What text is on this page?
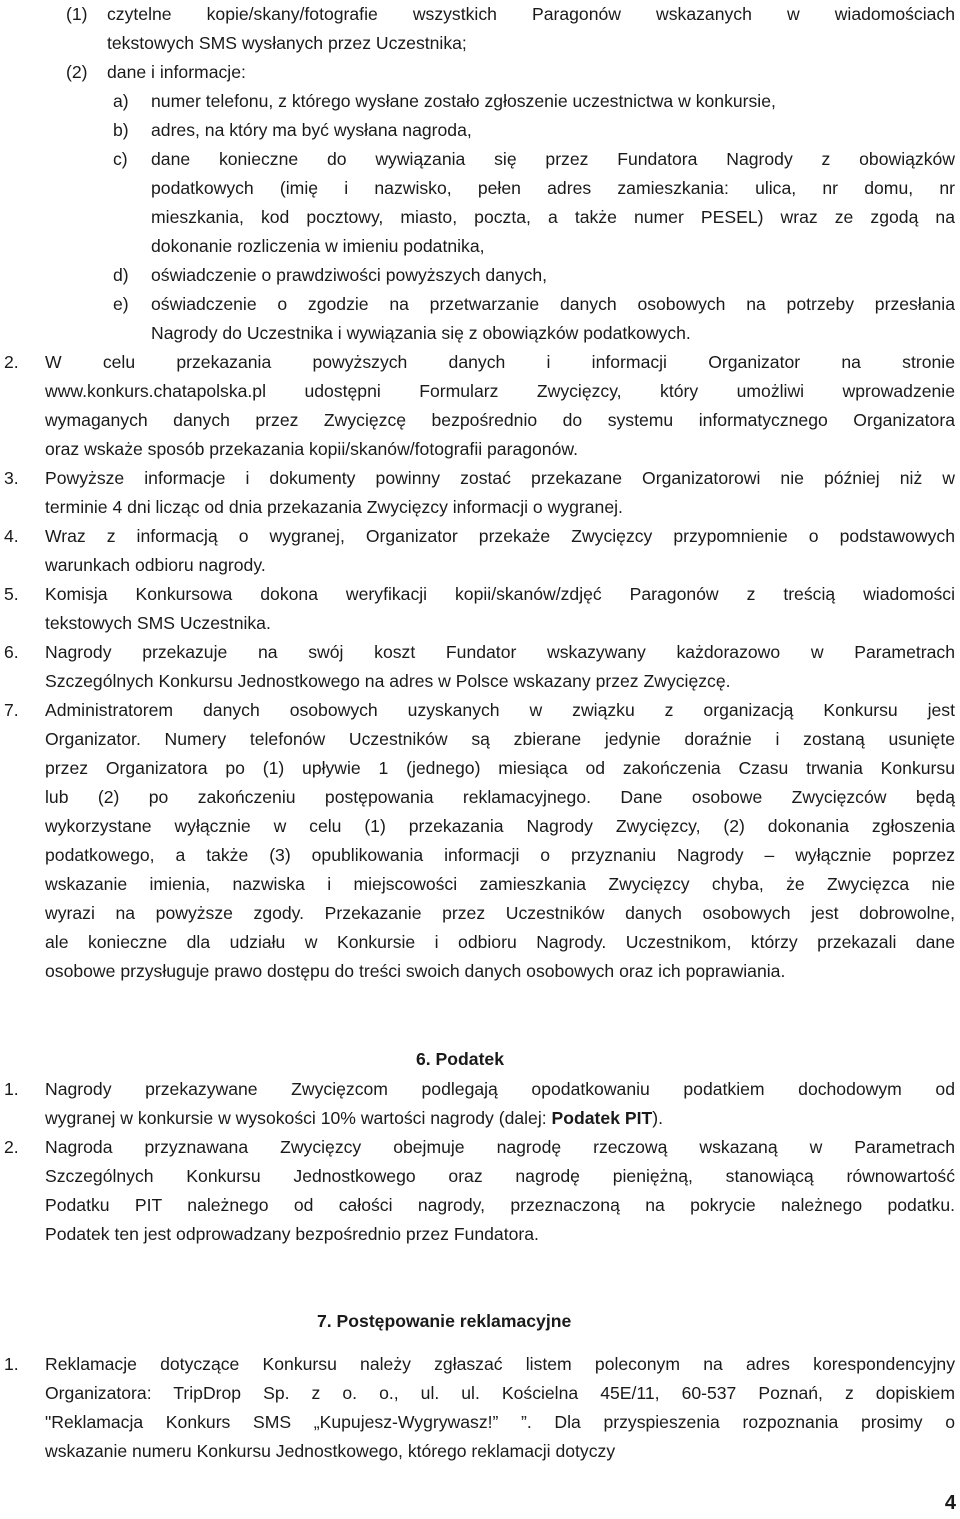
(1) czytelne kopie/skany/fotografie wszystkich Paragonów wskazanych w wiadomościach
tekstowych SMS wysłanych przez Uczestnika;
(2) dane i informacje:
a) numer telefonu, z którego wysłane zostało zgłoszenie uczestnictwa w konkursie,
b) adres, na który ma być wysłana nagroda,
c) dane konieczne do wywiązania się przez Fundatora Nagrody z obowiązków
podatkowych (imię i nazwisko, pełen adres zamieszkania: ulica, nr domu, nr
mieszkania, kod pocztowy, miasto, poczta, a także numer PESEL) wraz ze zgodą na
dokonanie rozliczenia w imieniu podatnika,
d) oświadczenie o prawdziwości powyższych danych,
e) oświadczenie o zgodzie na przetwarzanie danych osobowych na potrzeby przesłania
Nagrody do Uczestnika i wywiązania się z obowiązków podatkowych.
2. W celu przekazania powyższych danych i informacji Organizator na stronie
www.konkurs.chatapolska.pl udostępni Formularz Zwycięzcy, który umożliwi wprowadzenie
wymaganych danych przez Zwycięzcę bezpośrednio do systemu informatycznego Organizatora
oraz wskaże sposób przekazania kopii/skanów/fotografii paragonów.
3. Powyższe informacje i dokumenty powinny zostać przekazane Organizatorowi nie później niż w
terminie 4 dni licząc od dnia przekazania Zwycięzcy informacji o wygranej.
4. Wraz z informacją o wygranej, Organizator przekaże Zwycięzcy przypomnienie o podstawowych
warunkach odbioru nagrody.
5. Komisja Konkursowa dokona weryfikacji kopii/skanów/zdjęć Paragonów z treścią wiadomości
tekstowych SMS Uczestnika.
6. Nagrody przekazuje na swój koszt Fundator wskazywany każdorazowo w Parametrach
Szczególnych Konkursu Jednostkowego na adres w Polsce wskazany przez Zwycięzcę.
7. Administratorem danych osobowych uzyskanych w związku z organizacją Konkursu jest
Organizator. Numery telefonów Uczestników są zbierane jedynie doraźnie i zostaną usunięte
przez Organizatora po (1) upływie 1 (jednego) miesiąca od zakończenia Czasu trwania Konkursu
lub (2) po zakończeniu postępowania reklamacyjnego. Dane osobowe Zwycięzców będą
wykorzystane wyłącznie w celu (1) przekazania Nagrody Zwycięzcy, (2) dokonania zgłoszenia
podatkowego, a także (3) opublikowania informacji o przyznaniu Nagrody – wyłącznie poprzez
wskazanie imienia, nazwiska i miejscowości zamieszkania Zwycięzcy chyba, że Zwycięzca nie
wyrazi na powyższe zgody. Przekazanie przez Uczestników danych osobowych jest dobrowolne,
ale konieczne dla udziału w Konkursie i odbioru Nagrody. Uczestnikom, którzy przekazali dane
osobowe przysługuje prawo dostępu do treści swoich danych osobowych oraz ich poprawiania.
6. Podatek
1. Nagrody przekazywane Zwycięzcom podlegają opodatkowaniu podatkiem dochodowym od
wygranej w konkursie w wysokości 10% wartości nagrody (dalej: Podatek PIT).
2. Nagroda przyznawana Zwycięzcy obejmuje nagrodę rzeczową wskazaną w Parametrach
Szczególnych Konkursu Jednostkowego oraz nagrodę pieniężną, stanowiącą równowartość
Podatku PIT należnego od całości nagrody, przeznaczoną na pokrycie należnego podatku.
Podatek ten jest odprowadzany bezpośrednio przez Fundatora.
7. Postępowanie reklamacyjne
1. Reklamacje dotyczące Konkursu należy zgłaszać listem poleconym na adres korespondencyjny
Organizatora: TripDrop Sp. z o. o., ul. ul. Kościelna 45E/11, 60-537 Poznań, z dopiskiem
"Reklamacja Konkurs SMS „Kupujesz-Wygrywasz!” ”. Dla przyspieszenia rozpoznania prosimy o
wskazanie numeru Konkursu Jednostkowego, którego reklamacji dotyczy
4
